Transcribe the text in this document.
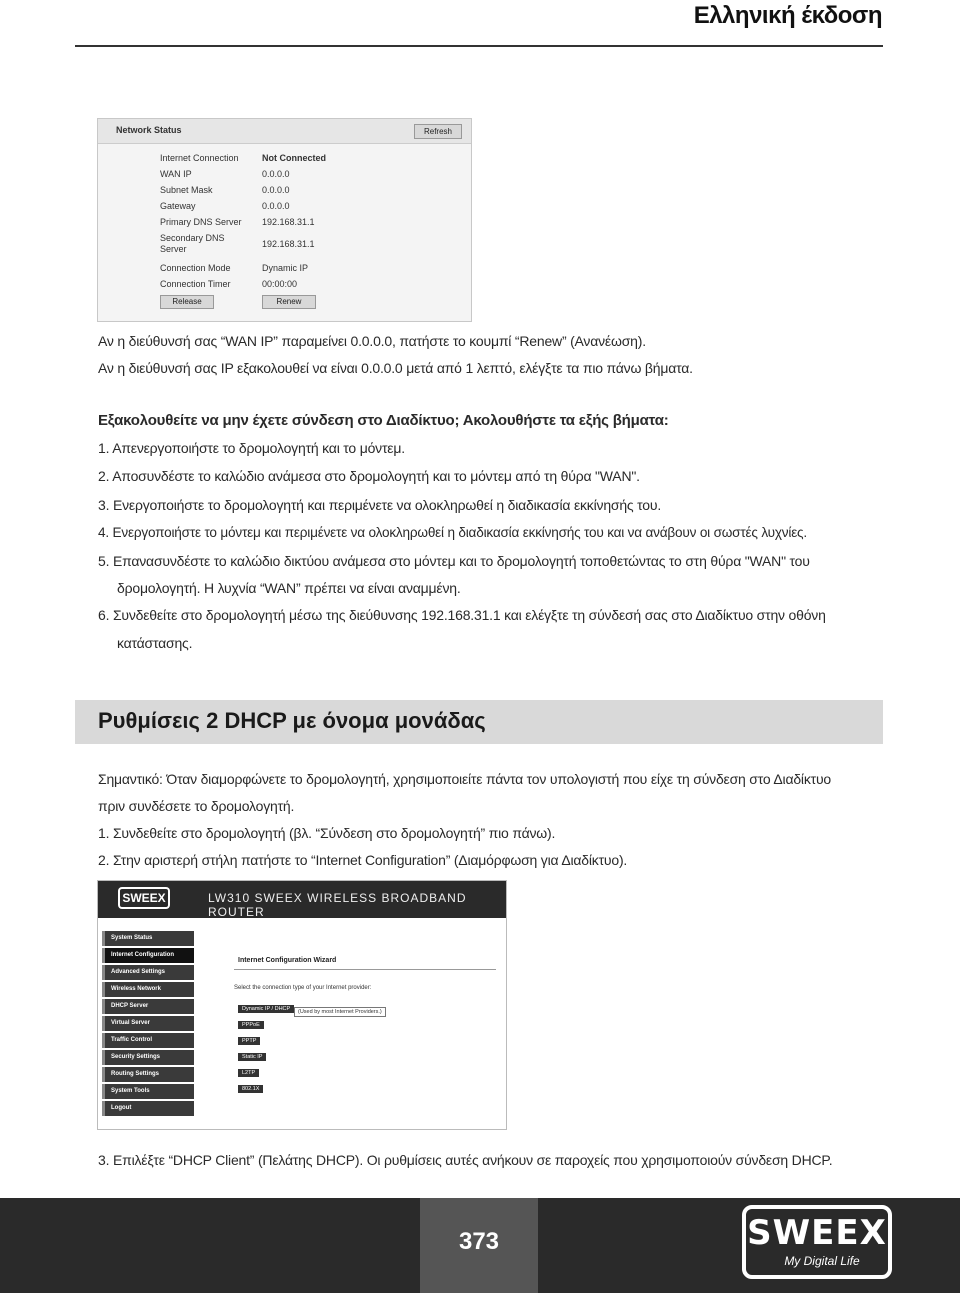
Ελληνική έκδοση
Network Status	Refresh
Internet Connection	Not Connected
WAN IP	0.0.0.0
Subnet Mask	0.0.0.0
Gateway	0.0.0.0
Primary DNS Server 192.168.31.1
Secondary DNS Server	192.168.31.1
Connection Mode	Dynamic IP
Connection Timer	00:00:00
Release	Renew
Αν η διεύθυνσή σας “WAN IP” παραμείνει 0.0.0.0, πατήστε το κουμπί “Renew” (Ανανέωση).
Αν η διεύθυνσή σας IP εξακολουθεί να είναι 0.0.0.0 μετά από 1 λεπτό, ελέγξτε τα πιο πάνω βήματα.
Εξακολουθείτε να μην έχετε σύνδεση στο Διαδίκτυο; Ακολουθήστε τα εξής βήματα:
1. Απενεργοποιήστε το δρομολογητή και το μόντεμ.
2. Αποσυνδέστε το καλώδιο ανάμεσα στο δρομολογητή και το μόντεμ από τη θύρα "WAN".
3. Ενεργοποιήστε το δρομολογητή και περιμένετε να ολοκληρωθεί η διαδικασία εκκίνησής του.
4. Ενεργοποιήστε το μόντεμ και περιμένετε να ολοκληρωθεί η διαδικασία εκκίνησής του και να ανάβουν οι σωστές λυχνίες.
5. Επανασυνδέστε το καλώδιο δικτύου ανάμεσα στο μόντεμ και το δρομολογητή τοποθετώντας το στη θύρα "WAN" του
δρομολογητή. Η λυχνία “WAN” πρέπει να είναι αναμμένη.
6. Συνδεθείτε στο δρομολογητή μέσω της διεύθυνσης 192.168.31.1 και ελέγξτε τη σύνδεσή σας στο Διαδίκτυο στην οθόνη
κατάστασης.
Ρυθμίσεις 2 DHCP με όνομα μονάδας
Σημαντικό: Όταν διαμορφώνετε το δρομολογητή, χρησιμοποιείτε πάντα τον υπολογιστή που είχε τη σύνδεση στο Διαδίκτυο
πριν συνδέσετε το δρομολογητή.
1. Συνδεθείτε στο δρομολογητή (βλ. “Σύνδεση στο δρομολογητή” πιο πάνω).
2. Στην αριστερή στήλη πατήστε το “Internet Configuration” (Διαμόρφωση για Διαδίκτυο).
SWEEX	LW310 SWEEX WIRELESS BROADBAND ROUTER
System Status
Internet Configuration
Advanced Settings
Wireless Network
DHCP Server
Virtual Server
Traffic Control
Security Settings
Routing Settings
System Tools
Logout
Internet Configuration Wizard
Select the connection type of your Internet provider:
Dynamic IP / DHCP	(Used by most Internet Providers.)
PPPoE
PPTP
Static IP
L2TP
802.1X
3. Επιλέξτε “DHCP Client” (Πελάτης DHCP). Οι ρυθμίσεις αυτές ανήκουν σε παροχείς που χρησιμοποιούν σύνδεση DHCP.
373	SWEEX
My Digital Life
